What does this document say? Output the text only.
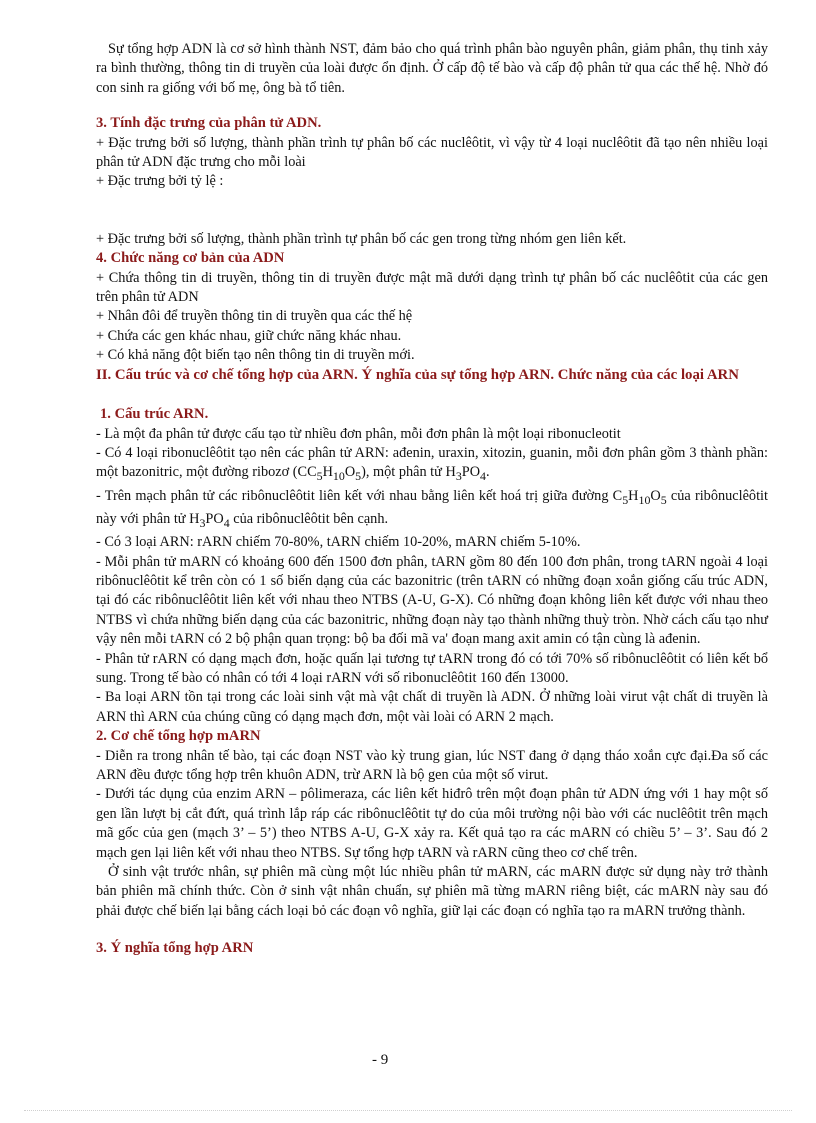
Sự tổng hợp ADN là cơ sở hình thành NST, đảm bảo cho quá trình phân bào nguyên phân, giảm phân, thụ tinh xảy ra bình thường, thông tin di truyền của loài được ổn định. Ở cấp độ tế bào và cấp độ phân tử qua các thế hệ. Nhờ đó con sinh ra giống với bố mẹ, ông bà tổ tiên.

3. Tính đặc trưng của phân tử ADN.

+ Đặc trưng bởi số lượng, thành phần trình tự phân bố các nuclêôtit, vì vậy từ 4 loại nuclêôtit đã tạo nên nhiều loại phân tử ADN đặc trưng cho mỗi loài

+ Đặc trưng bởi tỷ lệ :

+ Đặc trưng bởi số lượng, thành phần trình tự phân bố các gen trong từng nhóm gen liên kết.

4. Chức năng cơ bản của ADN

+ Chứa thông tin di truyền, thông tin di truyền được mật mã dưới dạng trình tự phân bố các nuclêôtit của các gen trên phân tử ADN

+ Nhân đôi để truyền thông tin di truyền qua các thế hệ

+ Chứa các gen khác nhau, giữ chức năng khác nhau.

+ Có khả năng đột biến tạo nên thông tin di truyền mới.

II. Cấu trúc và cơ chế tổng hợp của ARN. Ý nghĩa của sự tổng hợp ARN. Chức năng của các loại ARN

1. Cấu trúc ARN.

- Là một đa phân tử được cấu tạo từ nhiều đơn phân, mỗi đơn phân là một loại ribonucleotit

- Có 4 loại ribonuclêôtit tạo nên các phân tử ARN: ađenin, uraxin, xitozin, guanin, mỗi đơn phân gồm 3 thành phần: một bazonitric, một đường ribozơ $(CC_5H_{10}O_5)$, một phân tử $H_3PO_4$.

- Trên mạch phân tử các ribônuclêôtit liên kết với nhau bằng liên kết hoá trị giữa đường $C_5H_{10}O_5$ của ribônuclêôtit này với phân tử $H_3PO_4$ của ribônuclêôtit bên cạnh.

- Có 3 loại ARN: rARN chiếm 70-80%, tARN chiếm 10-20%, mARN chiếm 5-10%.

- Mỗi phân tử mARN có khoảng 600 đến 1500 đơn phân, tARN gồm 80 đến 100 đơn phân, trong tARN ngoài 4 loại ribônuclêôtit kể trên còn có 1 số biến dạng của các bazonitric (trên tARN có những đoạn xoắn giống cấu trúc ADN, tại đó các ribônuclêôtit liên kết với nhau theo NTBS (A-U, G-X). Có những đoạn không liên kết được với nhau theo NTBS vì chứa những biến dạng của các bazonitric, những đoạn này tạo thành những thuỳ tròn. Nhờ cách cấu tạo như vậy nên mỗi tARN có 2 bộ phận quan trọng: bộ ba đối mã va' đoạn mang axit amin có tận cùng là ađenin.

- Phân tử rARN có dạng mạch đơn, hoặc quấn lại tương tự tARN trong đó có tới 70% số ribônuclêôtit có liên kết bổ sung. Trong tế bào có nhân có tới 4 loại rARN với số ribonuclêôtit 160 đến 13000.

- Ba loại ARN tồn tại trong các loài sinh vật mà vật chất di truyền là ADN. Ở những loài virut vật chất di truyền là ARN thì ARN của chúng cũng có dạng mạch đơn, một vài loài có ARN 2 mạch.

2. Cơ chế tổng hợp mARN

- Diễn ra trong nhân tế bào, tại các đoạn NST vào kỳ trung gian, lúc NST đang ở dạng tháo xoắn cực đại.Đa số các ARN đều được tổng hợp trên khuôn ADN, trừ ARN là bộ gen của một số virut.

- Dưới tác dụng của enzim ARN – pôlimeraza, các liên kết hiđrô trên một đoạn phân tử ADN ứng với 1 hay một số gen lần lượt bị cắt đứt, quá trình lắp ráp các ribônuclêôtit tự do của môi trường nội bào với các nuclêôtit trên mạch mã gốc của gen (mạch 3’ – 5’) theo NTBS A-U, G-X xảy ra. Kết quả tạo ra các mARN có chiều 5’ – 3’. Sau đó 2 mạch gen lại liên kết với nhau theo NTBS. Sự tổng hợp tARN và rARN cũng theo cơ chế trên.

Ở sinh vật trước nhân, sự phiên mã cùng một lúc nhiều phân tử mARN, các mARN được sử dụng này trở thành bản phiên mã chính thức. Còn ở sinh vật nhân chuẩn, sự phiên mã từng mARN riêng biệt, các mARN này sau đó phải được chế biến lại bằng cách loại bỏ các đoạn vô nghĩa, giữ lại các đoạn có nghĩa tạo ra mARN trưởng thành.

3. Ý nghĩa tổng hợp ARN

- 9
